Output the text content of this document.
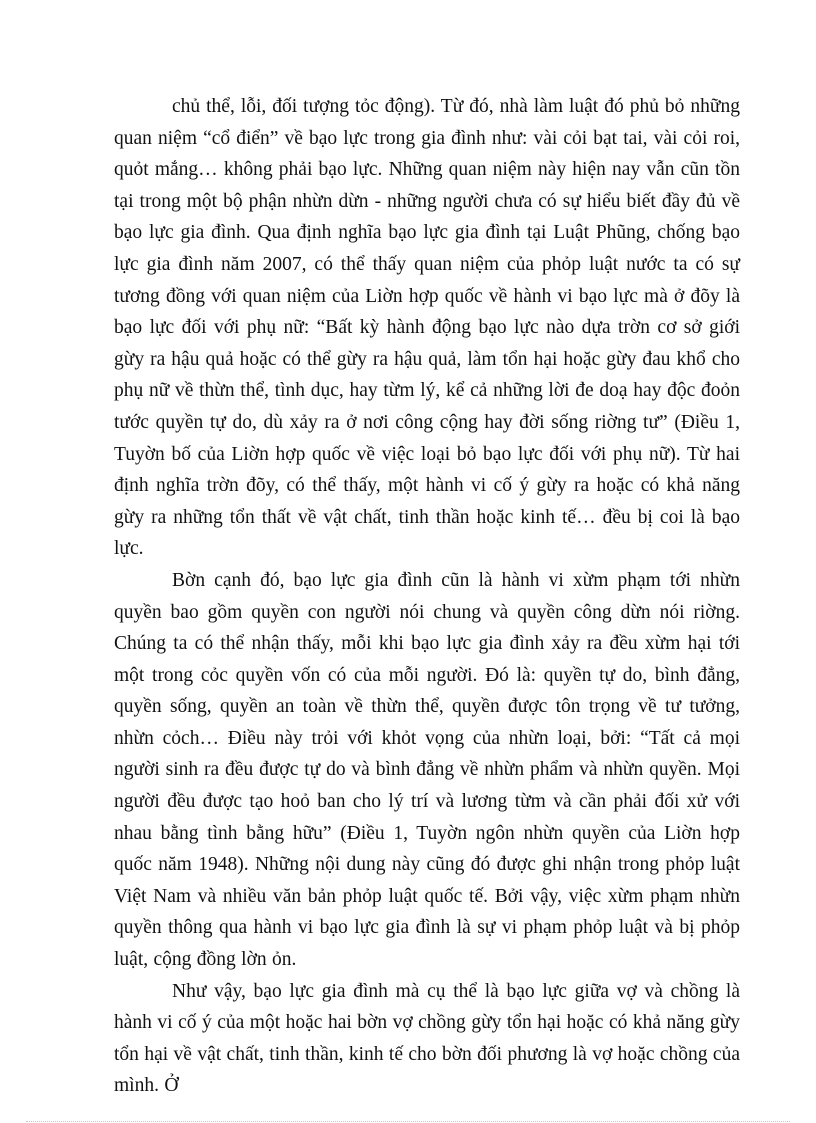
chủ thể, lỗi, đối tượng tỏc động). Từ đó, nhà làm luật đó phủ bỏ những quan niệm “cổ điển” về bạo lực trong gia đình như: vài cỏi bạt tai, vài cỏi roi, quỏt mắng… không phải bạo lực. Những quan niệm này hiện nay vẫn cũn tồn tại trong một bộ phận nhừn dừn - những người chưa có sự hiểu biết đầy đủ về bạo lực gia đình. Qua định nghĩa bạo lực gia đình tại Luật Phũng, chống bạo lực gia đình năm 2007, có thể thấy quan niệm của phỏp luật nước ta có sự tương đồng với quan niệm của Liờn hợp quốc về hành vi bạo lực mà ở đõy là bạo lực đối với phụ nữ: “Bất kỳ hành động bạo lực nào dựa trờn cơ sở giới gừy ra hậu quả hoặc có thể gừy ra hậu quả, làm tổn hại hoặc gừy đau khổ cho phụ nữ về thừn thể, tình dục, hay từm lý, kể cả những lời đe doạ hay độc đoỏn tước quyền tự do, dù xảy ra ở nơi công cộng hay đời sống riờng tư” (Điều 1, Tuyờn bố của Liờn hợp quốc về việc loại bỏ bạo lực đối với phụ nữ). Từ hai định nghĩa trờn đõy, có thể thấy, một hành vi cố ý gừy ra hoặc có khả năng gừy ra những tổn thất về vật chất, tinh thần hoặc kinh tế… đều bị coi là bạo lực.

Bờn cạnh đó, bạo lực gia đình cũn là hành vi xừm phạm tới nhừn quyền bao gồm quyền con người nói chung và quyền công dừn nói riờng. Chúng ta có thể nhận thấy, mỗi khi bạo lực gia đình xảy ra đều xừm hại tới một trong cỏc quyền vốn có của mỗi người. Đó là: quyền tự do, bình đẳng, quyền sống, quyền an toàn về thừn thể, quyền được tôn trọng về tư tưởng, nhừn cỏch… Điều này trỏi với khỏt vọng của nhừn loại, bởi: “Tất cả mọi người sinh ra đều được tự do và bình đẳng về nhừn phẩm và nhừn quyền. Mọi người đều được tạo hoỏ ban cho lý trí và lương từm và cần phải đối xử với nhau bằng tình bằng hữu” (Điều 1, Tuyờn ngôn nhừn quyền của Liờn hợp quốc năm 1948). Những nội dung này cũng đó được ghi nhận trong phỏp luật Việt Nam và nhiều văn bản phỏp luật quốc tế. Bởi vậy, việc xừm phạm nhừn quyền thông qua hành vi bạo lực gia đình là sự vi phạm phỏp luật và bị phỏp luật, cộng đồng lờn ỏn.

Như vậy, bạo lực gia đình mà cụ thể là bạo lực giữa vợ và chồng là hành vi cố ý của một hoặc hai bờn vợ chồng gừy tổn hại hoặc có khả năng gừy tổn hại về vật chất, tinh thần, kinh tế cho bờn đối phương là vợ hoặc chồng của mình. Ở
